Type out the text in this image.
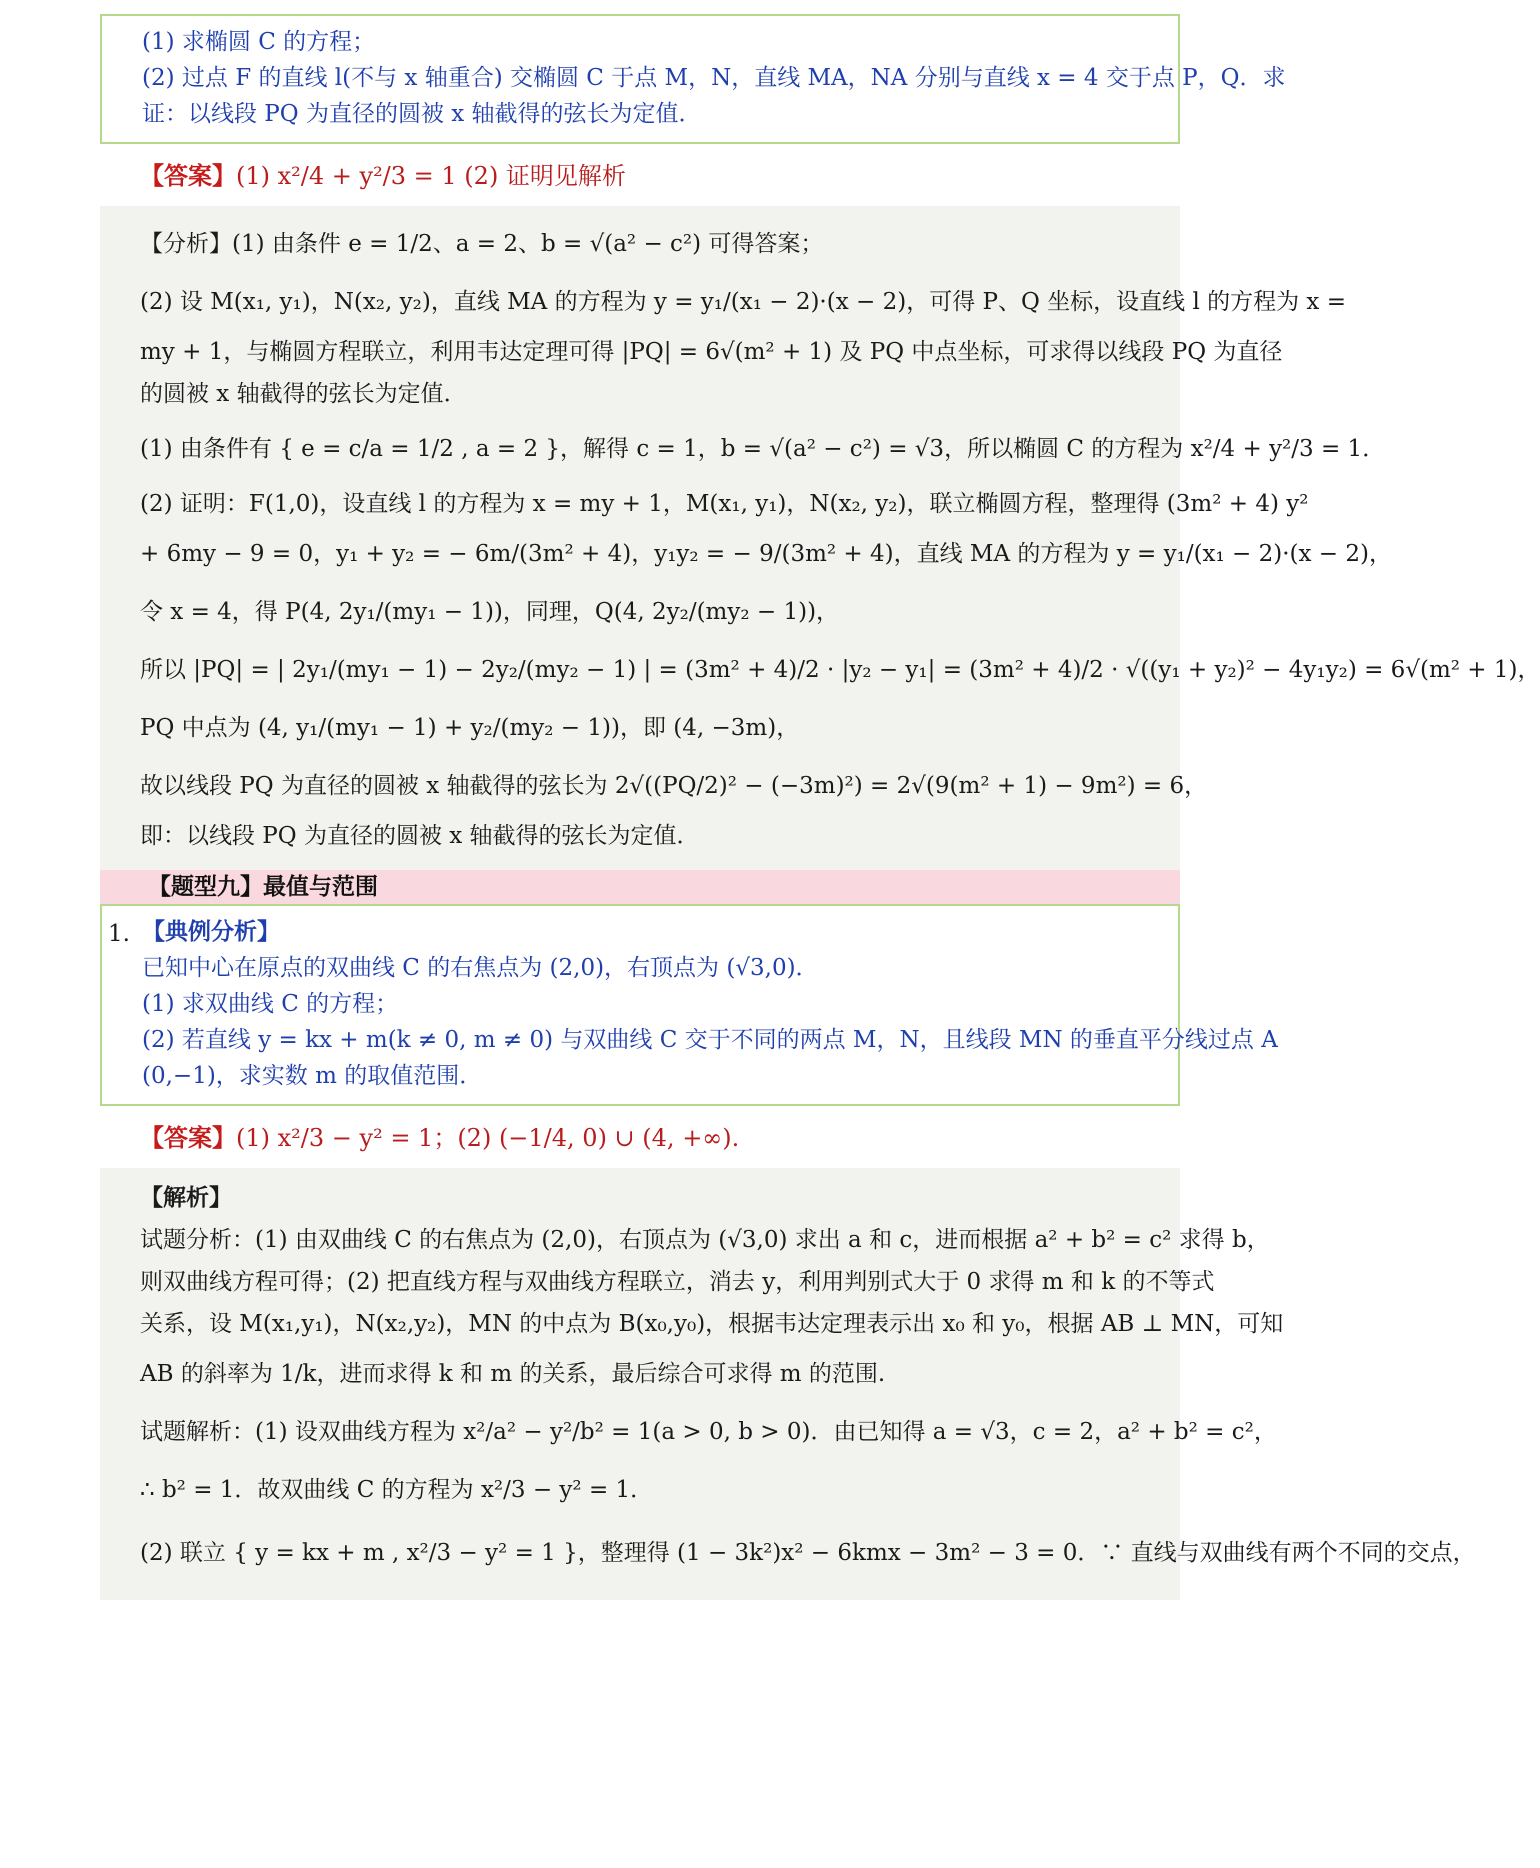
(1) 求椭圆 C 的方程；
(2) 过点 F 的直线 l(不与 x 轴重合) 交椭圆 C 于点 M，N，直线 MA，NA 分别与直线 x = 4 交于点 P，Q．求
证：以线段 PQ 为直径的圆被 x 轴截得的弦长为定值．
【答案】(1) x²/4 + y²/3 = 1 (2) 证明见解析
【分析】(1) 由条件 e = 1/2、a = 2、b = √(a² − c²) 可得答案；
(2) 设 M(x₁, y₁)，N(x₂, y₂)，直线 MA 的方程为 y = y₁/(x₁ − 2)·(x − 2)，可得 P、Q 坐标，设直线 l 的方程为 x =
my + 1，与椭圆方程联立，利用韦达定理可得 |PQ| = 6√(m² + 1) 及 PQ 中点坐标，可求得以线段 PQ 为直径
的圆被 x 轴截得的弦长为定值．
(1) 由条件有 { e = c/a = 1/2 , a = 2 }，解得 c = 1，b = √(a² − c²) = √3，所以椭圆 C 的方程为 x²/4 + y²/3 = 1．
(2) 证明：F(1,0)，设直线 l 的方程为 x = my + 1，M(x₁, y₁)，N(x₂, y₂)，联立椭圆方程，整理得 (3m² + 4) y²
+ 6my − 9 = 0，y₁ + y₂ = − 6m/(3m² + 4)，y₁y₂ = − 9/(3m² + 4)，直线 MA 的方程为 y = y₁/(x₁ − 2)·(x − 2)，
令 x = 4，得 P(4, 2y₁/(my₁ − 1))，同理，Q(4, 2y₂/(my₂ − 1))，
所以 |PQ| = | 2y₁/(my₁ − 1) − 2y₂/(my₂ − 1) | = (3m² + 4)/2 · |y₂ − y₁| = (3m² + 4)/2 · √((y₁ + y₂)² − 4y₁y₂) = 6√(m² + 1)，
PQ 中点为 (4, y₁/(my₁ − 1) + y₂/(my₂ − 1))，即 (4, −3m)，
故以线段 PQ 为直径的圆被 x 轴截得的弦长为 2√((PQ/2)² − (−3m)²) = 2√(9(m² + 1) − 9m²) = 6，
即：以线段 PQ 为直径的圆被 x 轴截得的弦长为定值．
【题型九】最值与范围
1. 【典例分析】
已知中心在原点的双曲线 C 的右焦点为 (2,0)，右顶点为 (√3,0)．
(1) 求双曲线 C 的方程；
(2) 若直线 y = kx + m(k ≠ 0, m ≠ 0) 与双曲线 C 交于不同的两点 M，N，且线段 MN 的垂直平分线过点 A
(0,−1)，求实数 m 的取值范围．
【答案】(1) x²/3 − y² = 1；(2) (−1/4, 0) ∪ (4, +∞).
【解析】
试题分析：(1) 由双曲线 C 的右焦点为 (2,0)，右顶点为 (√3,0) 求出 a 和 c，进而根据 a² + b² = c² 求得 b，
则双曲线方程可得；(2) 把直线方程与双曲线方程联立，消去 y，利用判别式大于 0 求得 m 和 k 的不等式
关系，设 M(x₁,y₁)，N(x₂,y₂)，MN 的中点为 B(x₀,y₀)，根据韦达定理表示出 x₀ 和 y₀，根据 AB ⊥ MN，可知
AB 的斜率为 1/k，进而求得 k 和 m 的关系，最后综合可求得 m 的范围.
试题解析：(1) 设双曲线方程为 x²/a² − y²/b² = 1(a > 0, b > 0)．由已知得 a = √3，c = 2，a² + b² = c²，
∴ b² = 1．故双曲线 C 的方程为 x²/3 − y² = 1．
(2) 联立 { y = kx + m , x²/3 − y² = 1 }，整理得 (1 − 3k²)x² − 6kmx − 3m² − 3 = 0．∵ 直线与双曲线有两个不同的交点，
